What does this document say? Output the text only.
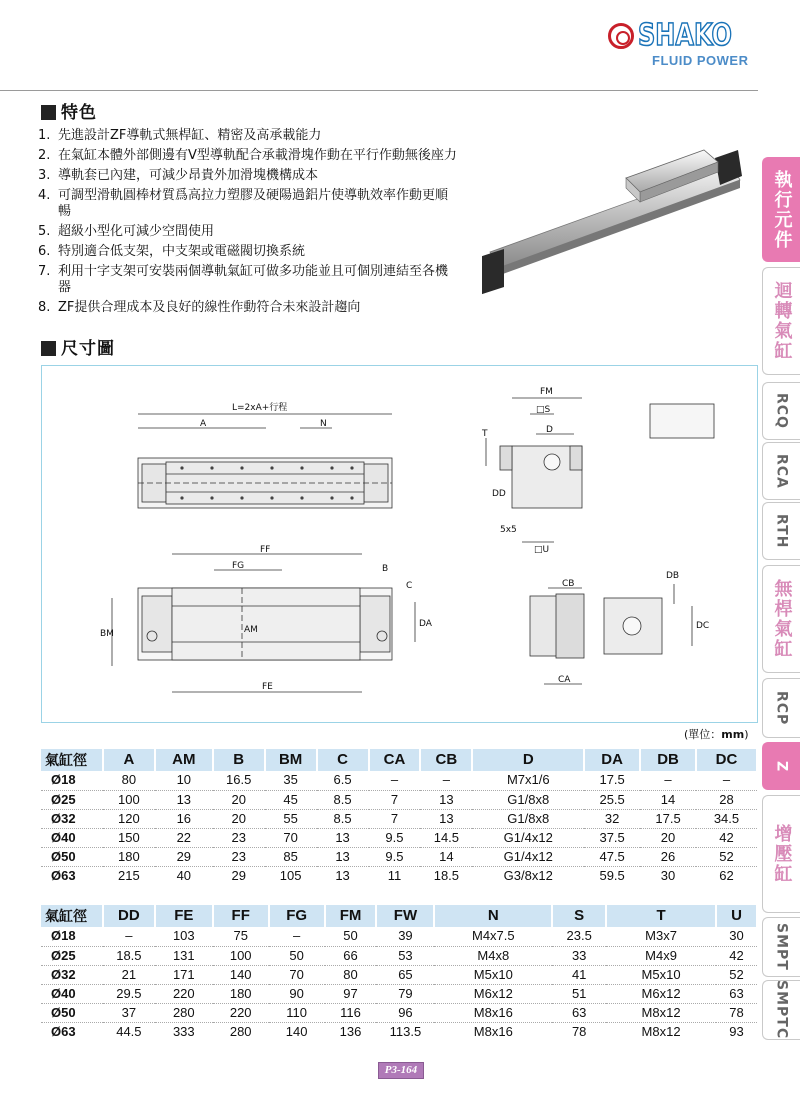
SHAKO
FLUID POWER
特色
1. 先進設計ZF導軌式無桿缸、精密及高承載能力
2. 在氣缸本體外部側邊有V型導軌配合承載滑塊作動在平行作動無後座力
3. 導軌套已內建，可減少昂貴外加滑塊機構成本
4. 可調型滑軌圓棒材質爲高拉力塑膠及硬陽過鋁片使導軌效率作動更順暢
5. 超級小型化可減少空間使用
6. 特別適合低支架，中支架或電磁閥切換系統
7. 利用十字支架可安裝兩個導軌氣缸可做多功能並且可個別連結至各機器
8. ZF提供合理成本及良好的線性作動符合未來設計趨向
尺寸圖
L=2xA+行程
A	N
FF
FG
FE
B
C
DA
BM	AM
FM
□S
T	D
DD
5x5
□U
CB
CA
DB
DC
(單位：mm)
氣缸徑	A	AM	B	BM	C	CA	CB	D	DA	DB	DC
Ø18	80	10	16.5	35	6.5	–	–	M7x1/6	17.5	–	–
Ø25	100	13	20	45	8.5	7	13	G1/8x8	25.5	14	28
Ø32	120	16	20	55	8.5	7	13	G1/8x8	32	17.5	34.5
Ø40	150	22	23	70	13	9.5	14.5	G1/4x12	37.5	20	42
Ø50	180	29	23	85	13	9.5	14	G1/4x12	47.5	26	52
Ø63	215	40	29	105	13	11	18.5	G3/8x12	59.5	30	62
氣缸徑	DD	FE	FF	FG	FM	FW	N	S	T	U
Ø18	–	103	75	–	50	39	M4x7.5	23.5	M3x7	30
Ø25	18.5	131	100	50	66	53	M4x8	33	M4x9	42
Ø32	21	171	140	70	80	65	M5x10	41	M5x10	52
Ø40	29.5	220	180	90	97	79	M6x12	51	M6x12	63
Ø50	37	280	220	110	116	96	M8x16	63	M8x12	78
Ø63	44.5	333	280	140	136	113.5	M8x16	78	M8x12	93
P3-164
執行元件
迴轉氣缸
RCQ
RCA
RTH
無桿氣缸
RCP
Z
增壓缸
SMPT
SMPTC
